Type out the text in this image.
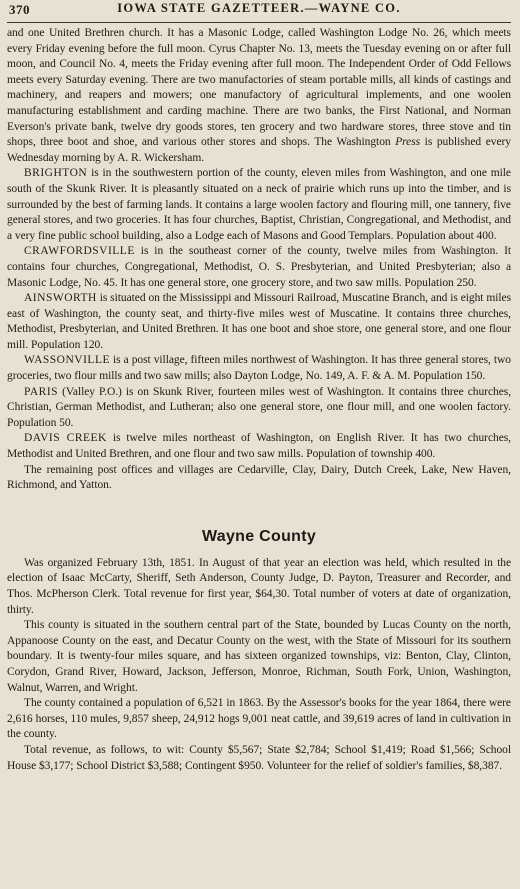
370	IOWA STATE GAZETTEER.—WAYNE CO.

and one United Brethren church. It has a Masonic Lodge, called Washington Lodge No. 26, which meets every Friday evening before the full moon. Cyrus Chapter No. 13, meets the Tuesday evening on or after full moon, and Council No. 4, meets the Friday evening after full moon. The Independent Order of Odd Fellows meets every Saturday evening. There are two manufactories of steam portable mills, all kinds of castings and machinery, and reapers and mowers; one manufactory of agricultural implements, and one woolen manufacturing establishment and carding machine. There are two banks, the First National, and Norman Everson's private bank, twelve dry goods stores, ten grocery and two hardware stores, three stove and tin shops, three boot and shoe, and various other stores and shops. The Washington Press is published every Wednesday morning by A. R. Wickersham.

BRIGHTON is in the southwestern portion of the county, eleven miles from Washington, and one mile south of the Skunk River. It is pleasantly situated on a neck of prairie which runs up into the timber, and is surrounded by the best of farming lands. It contains a large woolen factory and flouring mill, one tannery, five general stores, and two groceries. It has four churches, Baptist, Christian, Congregational, and Methodist, and a very fine public school building, also a Lodge each of Masons and Good Templars. Population about 400.

CRAWFORDSVILLE is in the southeast corner of the county, twelve miles from Washington. It contains four churches, Congregational, Methodist, O. S. Presbyterian, and United Presbyterian; also a Masonic Lodge, No. 45. It has one general store, one grocery store, and two saw mills. Population 250.

AINSWORTH is situated on the Mississippi and Missouri Railroad, Muscatine Branch, and is eight miles east of Washington, the county seat, and thirty-five miles west of Muscatine. It contains three churches, Methodist, Presbyterian, and United Brethren. It has one boot and shoe store, one general store, and one flour mill. Population 120.

WASSONVILLE is a post village, fifteen miles northwest of Washington. It has three general stores, two groceries, two flour mills and two saw mills; also Dayton Lodge, No. 149, A. F. & A. M. Population 150.

PARIS (Valley P.O.) is on Skunk River, fourteen miles west of Washington. It contains three churches, Christian, German Methodist, and Lutheran; also one general store, one flour mill, and one woolen factory. Population 50.

DAVIS CREEK is twelve miles northeast of Washington, on English River. It has two churches, Methodist and United Brethren, and one flour and two saw mills. Population of township 400.

The remaining post offices and villages are Cedarville, Clay, Dairy, Dutch Creek, Lake, New Haven, Richmond, and Yatton.

Wayne County

Was organized February 13th, 1851. In August of that year an election was held, which resulted in the election of Isaac McCarty, Sheriff, Seth Anderson, County Judge, D. Payton, Treasurer and Recorder, and Thos. McPherson Clerk. Total revenue for first year, $64,30. Total number of voters at date of organization, thirty.

This county is situated in the southern central part of the State, bounded by Lucas County on the north, Appanoose County on the east, and Decatur County on the west, with the State of Missouri for its southern boundary. It is twenty-four miles square, and has sixteen organized townships, viz: Benton, Clay, Clinton, Corydon, Grand River, Howard, Jackson, Jefferson, Monroe, Richman, South Fork, Union, Washington, Walnut, Warren, and Wright.

The county contained a population of 6,521 in 1863. By the Assessor's books for the year 1864, there were 2,616 horses, 110 mules, 9,857 sheep, 24,912 hogs 9,001 neat cattle, and 39,619 acres of land in cultivation in the county.

Total revenue, as follows, to wit: County $5,567; State $2,784; School $1,419; Road $1,566; School House $3,177; School District $3,588; Contingent $950. Volunteer for the relief of soldier's families, $8,387.
